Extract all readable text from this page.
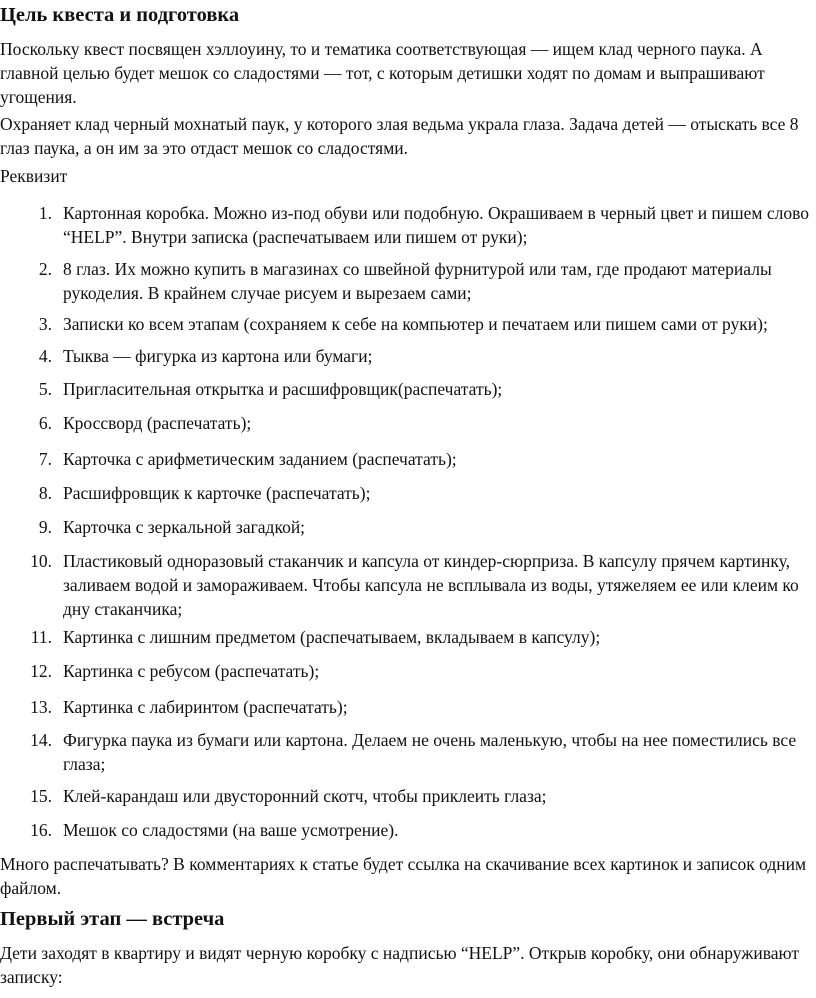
Цель квеста и подготовка

Поскольку квест посвящен хэллоуину, то и тематика соответствующая — ищем клад черного паука. А главной целью будет мешок со сладостями — тот, с которым детишки ходят по домам и выпрашивают угощения.

Охраняет клад черный мохнатый паук, у которого злая ведьма украла глаза. Задача детей — отыскать все 8 глаз паука, а он им за это отдаст мешок со сладостями.

Реквизит

1. Картонная коробка. Можно из-под обуви или подобную. Окрашиваем в черный цвет и пишем слово “HELP”. Внутри записка (распечатываем или пишем от руки);
2. 8 глаз. Их можно купить в магазинах со швейной фурнитурой или там, где продают материалы рукоделия. В крайнем случае рисуем и вырезаем сами;
3. Записки ко всем этапам (сохраняем к себе на компьютер и печатаем или пишем сами от руки);
4. Тыква — фигурка из картона или бумаги;
5. Пригласительная открытка и расшифровщик(распечатать);
6. Кроссворд (распечатать);
7. Карточка с арифметическим заданием (распечатать);
8. Расшифровщик к карточке (распечатать);
9. Карточка с зеркальной загадкой;
10. Пластиковый одноразовый стаканчик и капсула от киндер-сюрприза. В капсулу прячем картинку, заливаем водой и замораживаем. Чтобы капсула не всплывала из воды, утяжеляем ее или клеим ко дну стаканчика;
11. Картинка с лишним предметом (распечатываем, вкладываем в капсулу);
12. Картинка с ребусом (распечатать);
13. Картинка с лабиринтом (распечатать);
14. Фигурка паука из бумаги или картона. Делаем не очень маленькую, чтобы на нее поместились все глаза;
15. Клей-карандаш или двусторонний скотч, чтобы приклеить глаза;
16. Мешок со сладостями (на ваше усмотрение).

Много распечатывать? В комментариях к статье будет ссылка на скачивание всех картинок и записок одним файлом.

Первый этап — встреча

Дети заходят в квартиру и видят черную коробку с надписью “HELP”. Открыв коробку, они обнаруживают записку:
